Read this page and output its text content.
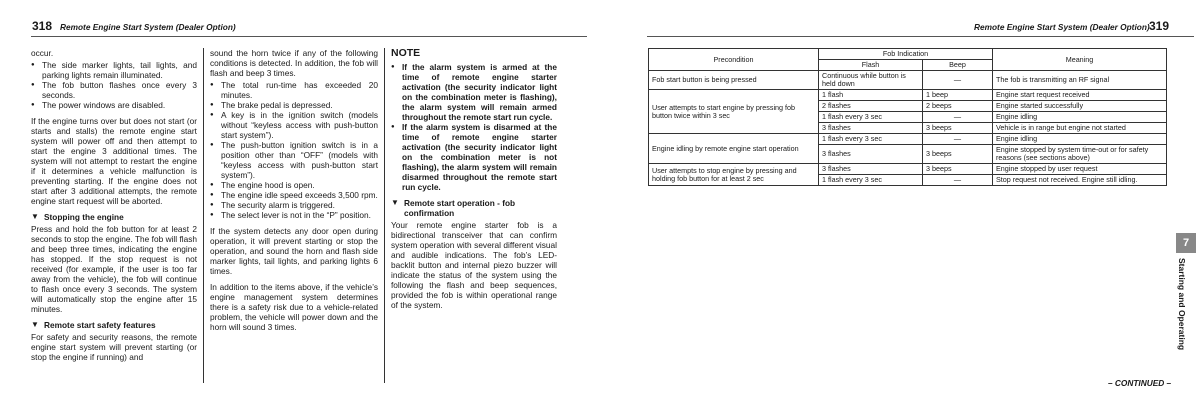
318 Remote Engine Start System (Dealer Option)

occur.

● The side marker lights, tail lights, and parking lights remain illuminated.
● The fob button flashes once every 3 seconds.
● The power windows are disabled.

If the engine turns over but does not start (or starts and stalls) the remote engine start system will power off and then attempt to start the engine 3 additional times. The system will not attempt to restart the engine if it determines a vehicle malfunction is preventing starting. If the engine does not start after 3 additional attempts, the remote engine start request will be aborted.

▼ Stopping the engine

Press and hold the fob button for at least 2 seconds to stop the engine. The fob will flash and beep three times, indicating the engine has stopped. If the stop request is not received (for example, if the user is too far away from the vehicle), the fob will continue to flash once every 3 seconds. The system will automatically stop the engine after 15 minutes.

▼ Remote start safety features

For safety and security reasons, the remote engine start system will prevent starting (or stop the engine if running) and

sound the horn twice if any of the following conditions is detected. In addition, the fob will flash and beep 3 times.

● The total run-time has exceeded 20 minutes.
● The brake pedal is depressed.
● A key is in the ignition switch (models without “keyless access with push-button start system”).
● The push-button ignition switch is in a position other than “OFF” (models with “keyless access with push-button start system”).
● The engine hood is open.
● The engine idle speed exceeds 3,500 rpm.
● The security alarm is triggered.
● The select lever is not in the “P” position.

If the system detects any door open during operation, it will prevent starting or stop the operation, and sound the horn and flash side marker lights, tail lights, and parking lights 6 times.

In addition to the items above, if the vehicle’s engine management system determines there is a safety risk due to a vehicle-related problem, the vehicle will power down and the horn will sound 3 times.

NOTE
● If the alarm system is armed at the time of remote engine starter activation (the security indicator light on the combination meter is flashing), the alarm system will remain armed throughout the remote start run cycle.
● If the alarm system is disarmed at the time of remote engine starter activation (the security indicator light on the combination meter is not flashing), the alarm system will remain disarmed throughout the remote start run cycle.
▼ Remote start operation - fob confirmation

Your remote engine starter fob is a bidirectional transceiver that can confirm system operation with several different visual and audible indications. The fob’s LED-backlit button and internal piezo buzzer will indicate the status of the system using the following the flash and beep sequences, provided the fob is within operational range of the system.

Remote Engine Start System (Dealer Option) 319
Precondition	Fob Indication		Meaning
	Flash	Beep	
Fob start button is being pressed	Continuous while button is held down	—	The fob is transmitting an RF signal
User attempts to start engine by pressing fob button twice within 3 sec	1 flash	1 beep	Engine start request received
	2 flashes	2 beeps	Engine started successfully
	1 flash every 3 sec	—	Engine idling
	3 flashes	3 beeps	Vehicle is in range but engine not started
Engine idling by remote engine start operation	1 flash every 3 sec	—	Engine idling
	3 flashes	3 beeps	Engine stopped by system time-out or for safety reasons (see sections above)
User attempts to stop engine by pressing and holding fob button for at least 2 sec	3 flashes	3 beeps	Engine stopped by user request
	1 flash every 3 sec	—	Stop request not received. Engine still idling.
7
Starting and Operating
– CONTINUED –
